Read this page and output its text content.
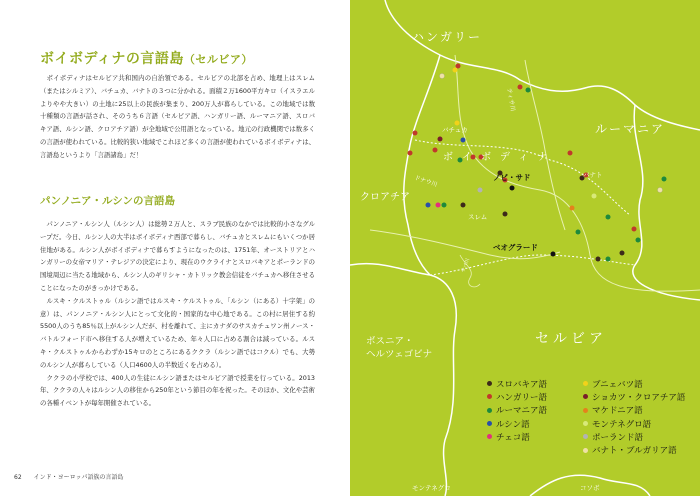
ボイボディナの言語島（セルビア）
ボイボディナはセルビア共和国内の自治領である。セルビアの北部を占め、地理上はスレム（またはシルミア）、バチュカ、バナトの３つに分かれる。面積２万1600平方キロ（イスラエルよりやや大きい）の土地に25以上の民族が集まり、200万人が暮らしている。この地域では数十種類の言語が話され、そのうち６言語（セルビア語、ハンガリー語、ルーマニア語、スロバキア語、ルシン語、クロアチア語）が全地域で公用語となっている。地元の行政機関では数多くの言語が使われている。比較的狭い地域でこれほど多くの言語が使われているボイボディナは、言語島というより「言語諸島」だ！
パンノニア・ルシンの言語島
パンノニア・ルシン人（ルシン人）は総勢２万人と、スラブ民族のなかでは比較的小さなグループだ。今日、ルシン人の大半はボイボディナ西部で暮らし、バチュカとスレムにもいくつか居住地がある。ルシン人がボイボディナで暮らすようになったのは、1751年、オーストリアとハンガリーの女帝マリア・テレジアの決定により、現在のウクライナとスロバキアとポーランドの国境周辺に当たる地域から、ルシン人のギリシャ・カトリック教会信徒をバチュカへ移住させることになったのがきっかけである。
ルスキ・クルストゥル（ルシン語ではルスキ・ケルストゥル、「ルシン（にある）十字架」の意）は、パンノニア・ルシン人にとって文化的・国家的な中心地である。この村に居住する約5500人のうち85％以上がルシン人だが、村を離れて、主にカナダのサスカチュワン州ノース・バトルフォード市へ移住する人が増えているため、年々人口に占める割合は減っている。ルスキ・クルストゥルからわずか15キロのところにあるククラ（ルシン語ではコクル）でも、大勢のルシン人が暮らしている（人口4600人の半数近くを占める）。
ククラの小学校では、400人の生徒にルシン語またはセルビア語で授業を行っている。2013年、ククラの人々はルシン人の移住から250年という節目の年を祝った。そのほか、文化や芸術の各種イベントが毎年開催されている。
62 インド・ヨーロッパ語族の言語島
ハンガリー
ルーマニア
クロアチア
セルビア
ボスニア・
ヘルツェゴビナ
モンテネグロ	コソボ
ボイボディナ
バチュカ
バナト
スレム
ノビ・サド
ベオグラード
ドナウ川
ティサ川
サバ川
スロバキア語
ハンガリー語
ルーマニア語
ルシン語
チェコ語
ブニェバツ語
ショカツ・クロアチア語
マケドニア語
モンテネグロ語
ポーランド語
バナト・ブルガリア語
